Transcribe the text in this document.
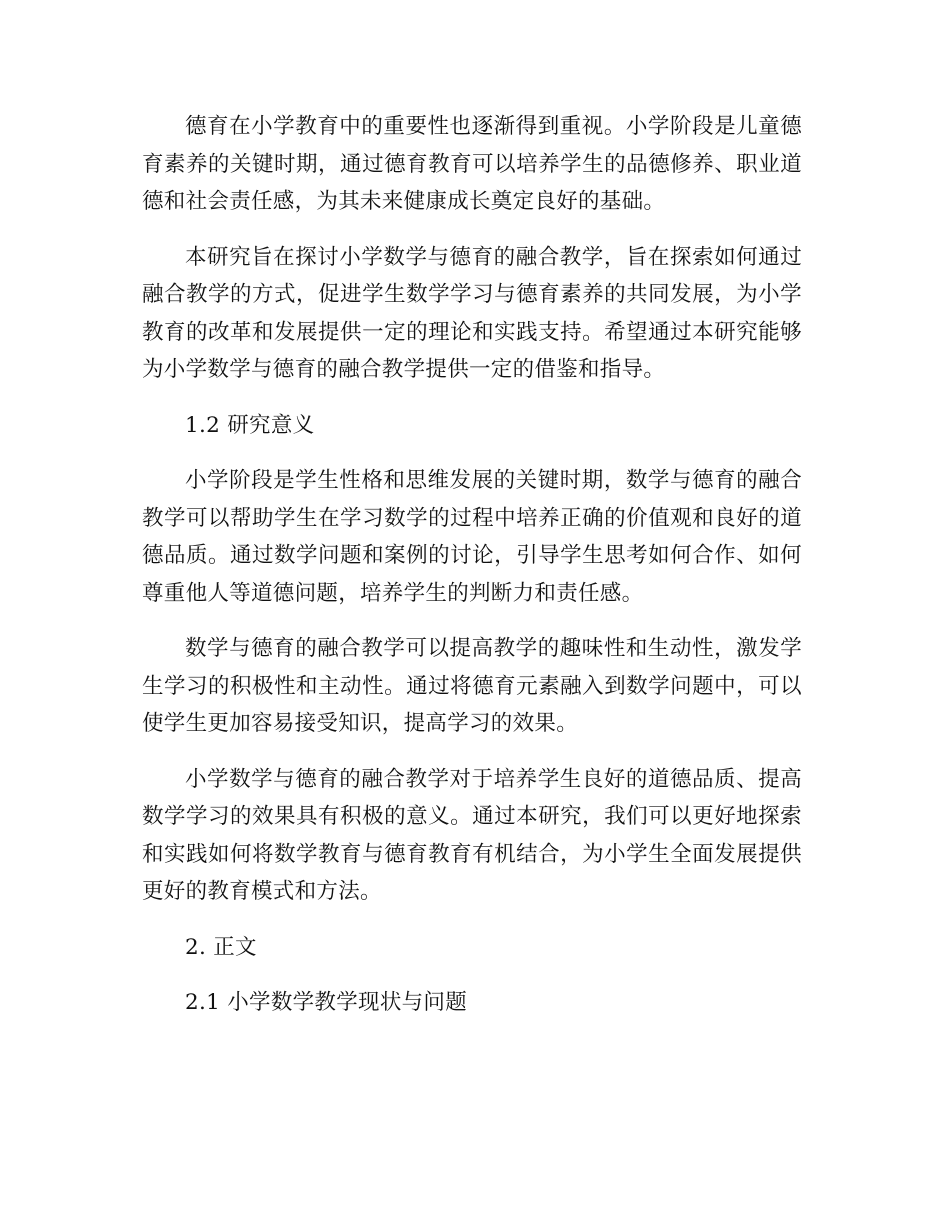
德育在小学教育中的重要性也逐渐得到重视。小学阶段是儿童德育素养的关键时期，通过德育教育可以培养学生的品德修养、职业道德和社会责任感，为其未来健康成长奠定良好的基础。

本研究旨在探讨小学数学与德育的融合教学，旨在探索如何通过融合教学的方式，促进学生数学学习与德育素养的共同发展，为小学教育的改革和发展提供一定的理论和实践支持。希望通过本研究能够为小学数学与德育的融合教学提供一定的借鉴和指导。

1.2 研究意义

小学阶段是学生性格和思维发展的关键时期，数学与德育的融合教学可以帮助学生在学习数学的过程中培养正确的价值观和良好的道德品质。通过数学问题和案例的讨论，引导学生思考如何合作、如何尊重他人等道德问题，培养学生的判断力和责任感。

数学与德育的融合教学可以提高教学的趣味性和生动性，激发学生学习的积极性和主动性。通过将德育元素融入到数学问题中，可以使学生更加容易接受知识，提高学习的效果。

小学数学与德育的融合教学对于培养学生良好的道德品质、提高数学学习的效果具有积极的意义。通过本研究，我们可以更好地探索和实践如何将数学教育与德育教育有机结合，为小学生全面发展提供更好的教育模式和方法。

2. 正文

2.1 小学数学教学现状与问题
